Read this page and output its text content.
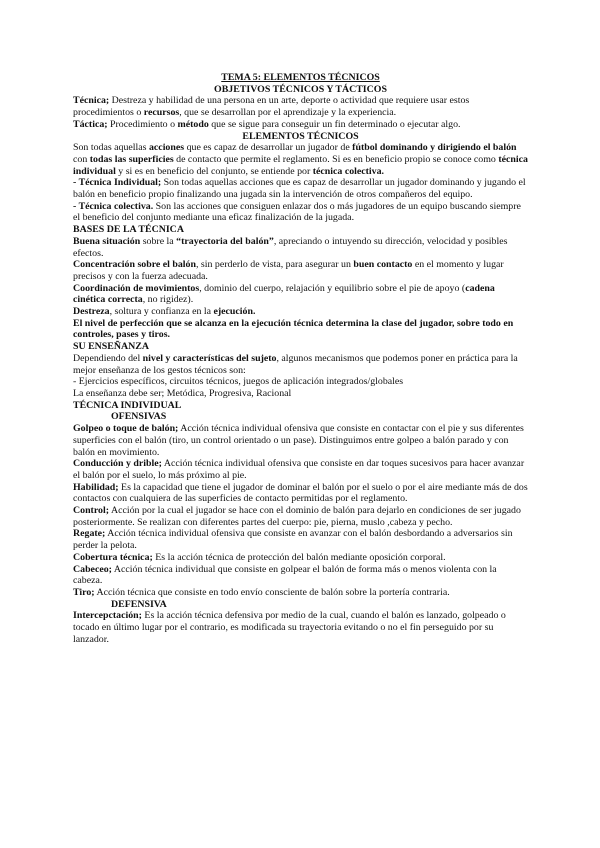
TEMA 5: ELEMENTOS TÉCNICOS

OBJETIVOS TÉCNICOS Y TÁCTICOS

Técnica; Destreza y habilidad de una persona en un arte, deporte o actividad que requiere usar estos procedimientos o recursos, que se desarrollan por el aprendizaje y la experiencia.

Táctica; Procedimiento o método que se sigue para conseguir un fin determinado o ejecutar algo.

ELEMENTOS TÉCNICOS

Son todas aquellas acciones que es capaz de desarrollar un jugador de fútbol dominando y dirigiendo el balón con todas las superficies de contacto que permite el reglamento. Si es en beneficio propio se conoce como técnica individual y si es en beneficio del conjunto, se entiende por técnica colectiva.

- Técnica Individual; Son todas aquellas acciones que es capaz de desarrollar un jugador dominando y jugando el balón en beneficio propio finalizando una jugada sin la intervención de otros compañeros del equipo.

- Técnica colectiva. Son las acciones que consiguen enlazar dos o más jugadores de un equipo buscando siempre el beneficio del conjunto mediante una eficaz finalización de la jugada.

BASES DE LA TÉCNICA

Buena situación sobre la “trayectoria del balón”, apreciando o intuyendo su dirección, velocidad y posibles efectos.

Concentración sobre el balón, sin perderlo de vista, para asegurar un buen contacto en el momento y lugar precisos y con la fuerza adecuada.

Coordinación de movimientos, dominio del cuerpo, relajación y equilibrio sobre el pie de apoyo (cadena cinética correcta, no rigidez).

Destreza, soltura y confianza en la ejecución.

El nivel de perfección que se alcanza en la ejecución técnica determina la clase del jugador, sobre todo en controles, pases y tiros.

SU ENSEÑANZA

Dependiendo del nivel y características del sujeto, algunos mecanismos que podemos poner en práctica para la mejor enseñanza de los gestos técnicos son:

- Ejercicios específicos, circuitos técnicos, juegos de aplicación integrados/globales

La enseñanza debe ser; Metódica, Progresiva, Racional

TÉCNICA INDIVIDUAL

OFENSIVAS

Golpeo o toque de balón; Acción técnica individual ofensiva que consiste en contactar con el pie y sus diferentes superficies con el balón (tiro, un control orientado o un pase). Distinguimos entre golpeo a balón parado y con balón en movimiento.

Conducción y drible; Acción técnica individual ofensiva que consiste en dar toques sucesivos para hacer avanzar el balón por el suelo, lo más próximo al pie.

Habilidad; Es la capacidad que tiene el jugador de dominar el balón por el suelo o por el aire mediante más de dos contactos con cualquiera de las superficies de contacto permitidas por el reglamento.

Control; Acción por la cual el jugador se hace con el dominio de balón para dejarlo en condiciones de ser jugado posteriormente. Se realizan con diferentes partes del cuerpo: pie, pierna, muslo ,cabeza y pecho.

Regate; Acción técnica individual ofensiva que consiste en avanzar con el balón desbordando a adversarios sin perder la pelota.

Cobertura técnica; Es la acción técnica de protección del balón mediante oposición corporal.

Cabeceo; Acción técnica individual que consiste en golpear el balón de forma más o menos violenta con la cabeza.

Tiro; Acción técnica que consiste en todo envío consciente de balón sobre la portería contraria.

DEFENSIVA

Intercepctación; Es la acción técnica defensiva por medio de la cual, cuando el balón es lanzado, golpeado o tocado en último lugar por el contrario, es modificada su trayectoria evitando o no el fin perseguido por su lanzador.
